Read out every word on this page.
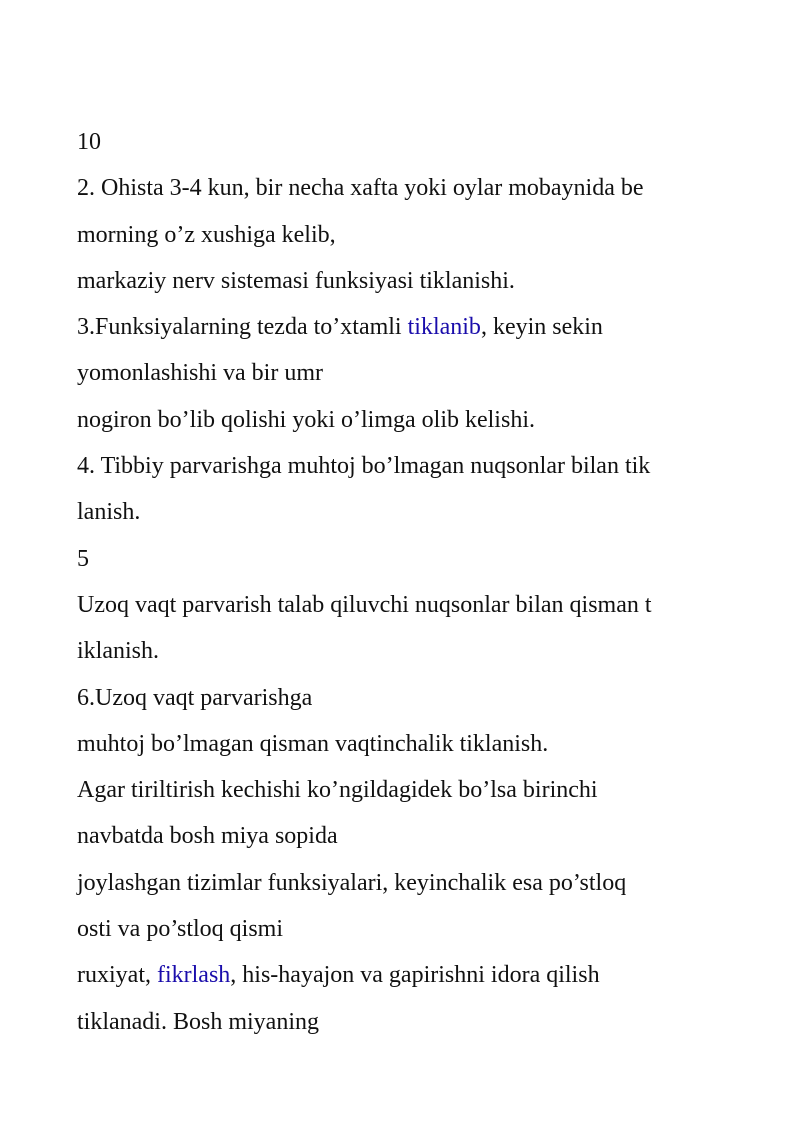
10
2. Ohista 3-4 kun, bir necha xafta yoki oylar mobaynida be
morning o’z xushiga kelib,
markaziy nerv sistemasi funksiyasi tiklanishi.
3.Funksiyalarning tezda to’xtamli tiklanib, keyin sekin
yomonlashishi va bir umr
nogiron bo’lib qolishi yoki o’limga olib kelishi.
4. Tibbiy parvarishga muhtoj bo’lmagan nuqsonlar bilan tik
lanish.
5
Uzoq vaqt parvarish talab qiluvchi nuqsonlar bilan qisman t
iklanish.
6.Uzoq vaqt parvarishga
muhtoj bo’lmagan qisman vaqtinchalik tiklanish.
Agar tiriltirish kechishi ko’ngildagidek bo’lsa birinchi
navbatda bosh miya sopida
joylashgan tizimlar funksiyalari, keyinchalik esa po’stloq
osti va po’stloq qismi
ruxiyat, fikrlash, his-hayajon va gapirishni idora qilish
tiklanadi. Bosh miyaning
